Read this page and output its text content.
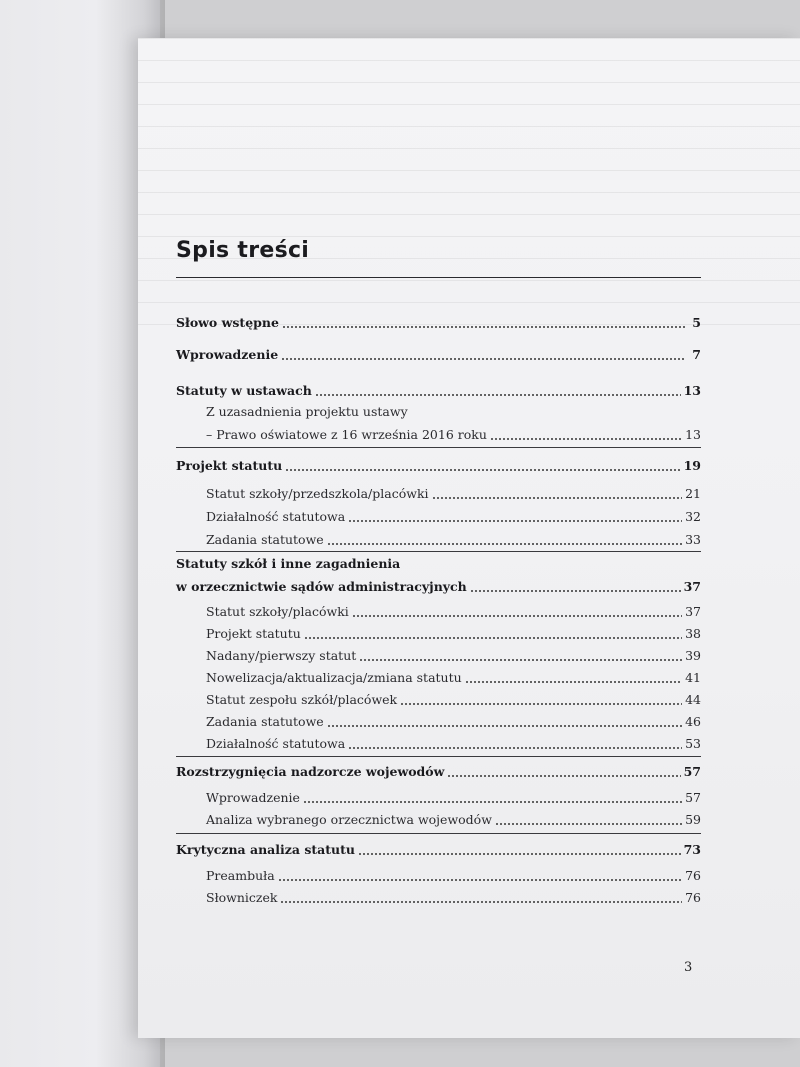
Spis treści
Słowo wstępne	5
Wprowadzenie	7
Statuty w ustawach	13
Z uzasadnienia projektu ustawy
– Prawo oświatowe z 16 września 2016 roku	13
Projekt statutu	19
Statut szkoły/przedszkola/placówki	21
Działalność statutowa	32
Zadania statutowe	33
Statuty szkół i inne zagadnienia
w orzecznictwie sądów administracyjnych	37
Statut szkoły/placówki	37
Projekt statutu	38
Nadany/pierwszy statut	39
Nowelizacja/aktualizacja/zmiana statutu	41
Statut zespołu szkół/placówek	44
Zadania statutowe	46
Działalność statutowa	53
Rozstrzygnięcia nadzorcze wojewodów	57
Wprowadzenie	57
Analiza wybranego orzecznictwa wojewodów	59
Krytyczna analiza statutu	73
Preambuła	76
Słowniczek	76
3
